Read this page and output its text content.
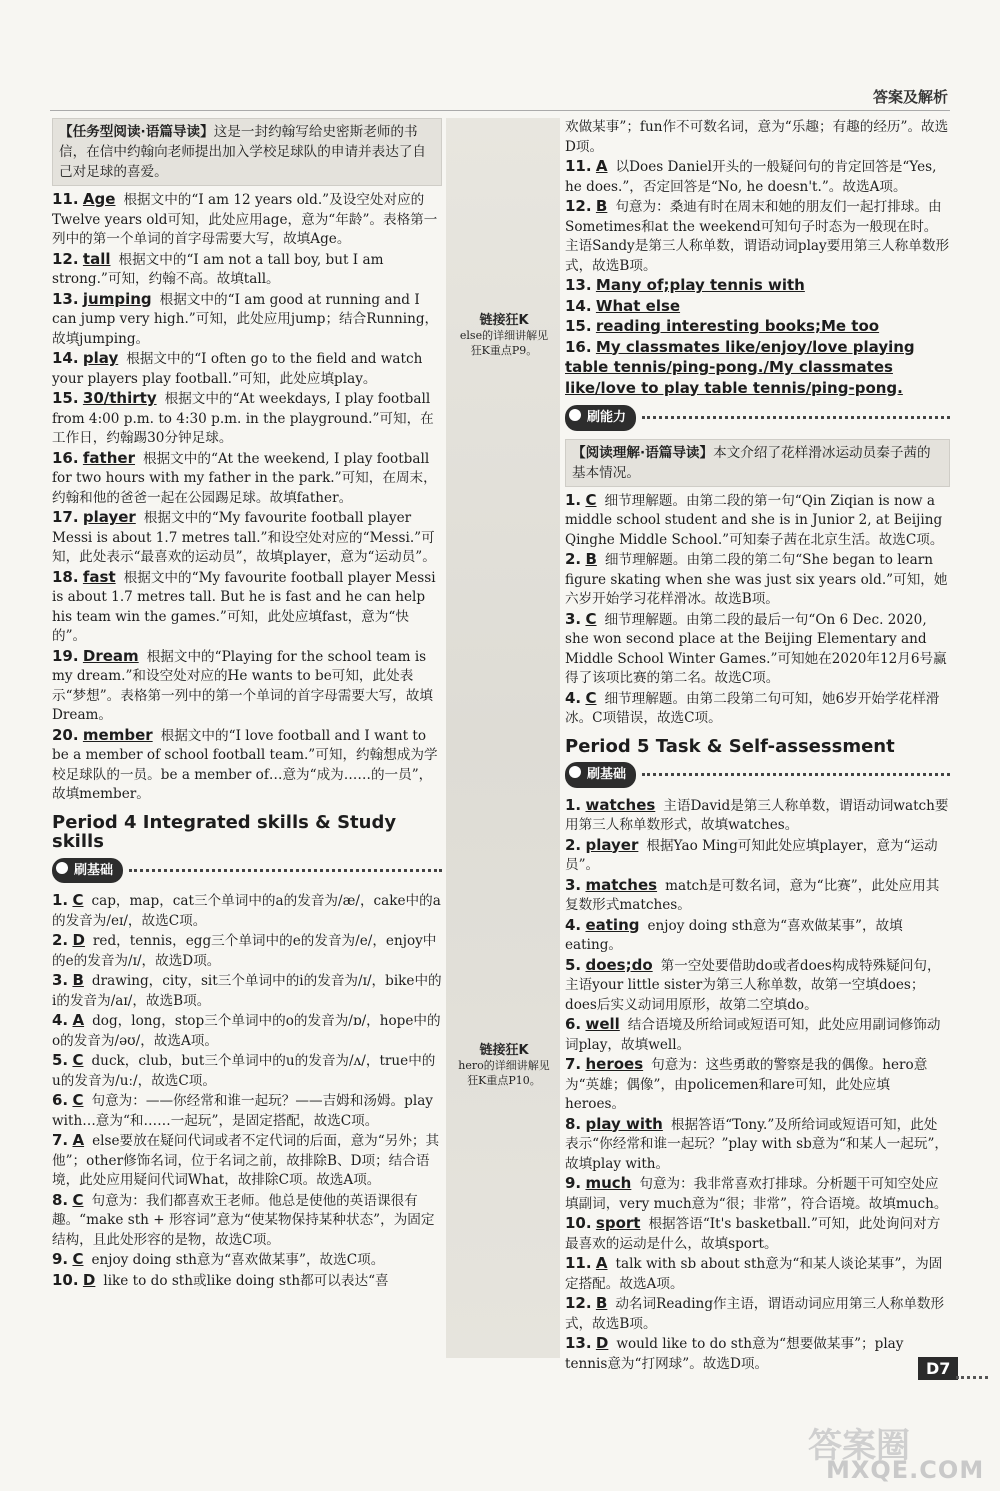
答案及解析
链接狂K
else的详细讲解见狂K重点P9。
链接狂K
hero的详细讲解见狂K重点P10。
【任务型阅读·语篇导读】这是一封约翰写给史密斯老师的书信，在信中约翰向老师提出加入学校足球队的申请并表达了自己对足球的喜爱。
11. Age 根据文中的“I am 12 years old.”及设空处对应的Twelve years old可知，此处应用age，意为“年龄”。表格第一列中的第一个单词的首字母需要大写，故填Age。
12. tall 根据文中的“I am not a tall boy, but I am strong.”可知，约翰不高。故填tall。
13. jumping 根据文中的“I am good at running and I can jump very high.”可知，此处应用jump；结合Running，故填jumping。
14. play 根据文中的“I often go to the field and watch your players play football.”可知，此处应填play。
15. 30/thirty 根据文中的“At weekdays, I play football from 4:00 p.m. to 4:30 p.m. in the playground.”可知，在工作日，约翰踢30分钟足球。
16. father 根据文中的“At the weekend, I play football for two hours with my father in the park.”可知，在周末，约翰和他的爸爸一起在公园踢足球。故填father。
17. player 根据文中的“My favourite football player Messi is about 1.7 metres tall.”和设空处对应的“Messi.”可知，此处表示“最喜欢的运动员”，故填player，意为“运动员”。
18. fast 根据文中的“My favourite football player Messi is about 1.7 metres tall. But he is fast and he can help his team win the games.”可知，此处应填fast，意为“快的”。
19. Dream 根据文中的“Playing for the school team is my dream.”和设空处对应的He wants to be可知，此处表示“梦想”。表格第一列中的第一个单词的首字母需要大写，故填Dream。
20. member 根据文中的“I love football and I want to be a member of school football team.”可知，约翰想成为学校足球队的一员。be a member of…意为“成为……的一员”，故填member。
Period 4 Integrated skills & Study skills
刷基础
1. C cap，map，cat三个单词中的a的发音为/æ/，cake中的a的发音为/eɪ/，故选C项。
2. D red，tennis，egg三个单词中的e的发音为/e/，enjoy中的e的发音为/ɪ/，故选D项。
3. B drawing，city，sit三个单词中的i的发音为/ɪ/，bike中的i的发音为/aɪ/，故选B项。
4. A dog，long，stop三个单词中的o的发音为/ɒ/，hope中的o的发音为/əʊ/，故选A项。
5. C duck，club，but三个单词中的u的发音为/ʌ/，true中的u的发音为/uː/，故选C项。
6. C 句意为：——你经常和谁一起玩？——吉姆和汤姆。play with…意为“和……一起玩”，是固定搭配，故选C项。
7. A else要放在疑问代词或者不定代词的后面，意为“另外；其他”；other修饰名词，位于名词之前，故排除B、D项；结合语境，此处应用疑问代词What，故排除C项。故选A项。
8. C 句意为：我们都喜欢王老师。他总是使他的英语课很有趣。“make sth + 形容词”意为“使某物保持某种状态”，为固定结构，且此处形容的是物，故选C项。
9. C enjoy doing sth意为“喜欢做某事”，故选C项。
10. D like to do sth或like doing sth都可以表达“喜
欢做某事”；fun作不可数名词，意为“乐趣；有趣的经历”。故选D项。
11. A 以Does Daniel开头的一般疑问句的肯定回答是“Yes, he does.”，否定回答是“No, he doesn't.”。故选A项。
12. B 句意为：桑迪有时在周末和她的朋友们一起打排球。由Sometimes和at the weekend可知句子时态为一般现在时。主语Sandy是第三人称单数，谓语动词play要用第三人称单数形式，故选B项。
13. Many of;play tennis with
14. What else
15. reading interesting books;Me too
16. My classmates like/enjoy/love playing table tennis/ping-pong./My classmates like/love to play table tennis/ping-pong.
刷能力
【阅读理解·语篇导读】本文介绍了花样滑冰运动员秦子茜的基本情况。
1. C 细节理解题。由第二段的第一句“Qin Ziqian is now a middle school student and she is in Junior 2, at Beijing Qinghe Middle School.”可知秦子茜在北京生活。故选C项。
2. B 细节理解题。由第二段的第二句“She began to learn figure skating when she was just six years old.”可知，她六岁开始学习花样滑冰。故选B项。
3. C 细节理解题。由第二段的最后一句“On 6 Dec. 2020, she won second place at the Beijing Elementary and Middle School Winter Games.”可知她在2020年12月6号赢得了该项比赛的第二名。故选C项。
4. C 细节理解题。由第二段第二句可知，她6岁开始学花样滑冰。C项错误，故选C项。
Period 5 Task & Self-assessment
刷基础
1. watches 主语David是第三人称单数，谓语动词watch要用第三人称单数形式，故填watches。
2. player 根据Yao Ming可知此处应填player，意为“运动员”。
3. matches match是可数名词，意为“比赛”，此处应用其复数形式matches。
4. eating enjoy doing sth意为“喜欢做某事”，故填eating。
5. does;do 第一空处要借助do或者does构成特殊疑问句，主语your little sister为第三人称单数，故第一空填does；does后实义动词用原形，故第二空填do。
6. well 结合语境及所给词或短语可知，此处应用副词修饰动词play，故填well。
7. heroes 句意为：这些勇敢的警察是我的偶像。hero意为“英雄；偶像”，由policemen和are可知，此处应填heroes。
8. play with 根据答语“Tony.”及所给词或短语可知，此处表示“你经常和谁一起玩？”play with sb意为“和某人一起玩”，故填play with。
9. much 句意为：我非常喜欢打排球。分析题干可知空处应填副词，very much意为“很；非常”，符合语境。故填much。
10. sport 根据答语“It's basketball.”可知，此处询问对方最喜欢的运动是什么，故填sport。
11. A talk with sb about sth意为“和某人谈论某事”，为固定搭配。故选A项。
12. B 动名词Reading作主语，谓语动词应用第三人称单数形式，故选B项。
13. D would like to do sth意为“想要做某事”；play tennis意为“打网球”。故选D项。	D7
答案圈
MXQE.COM
